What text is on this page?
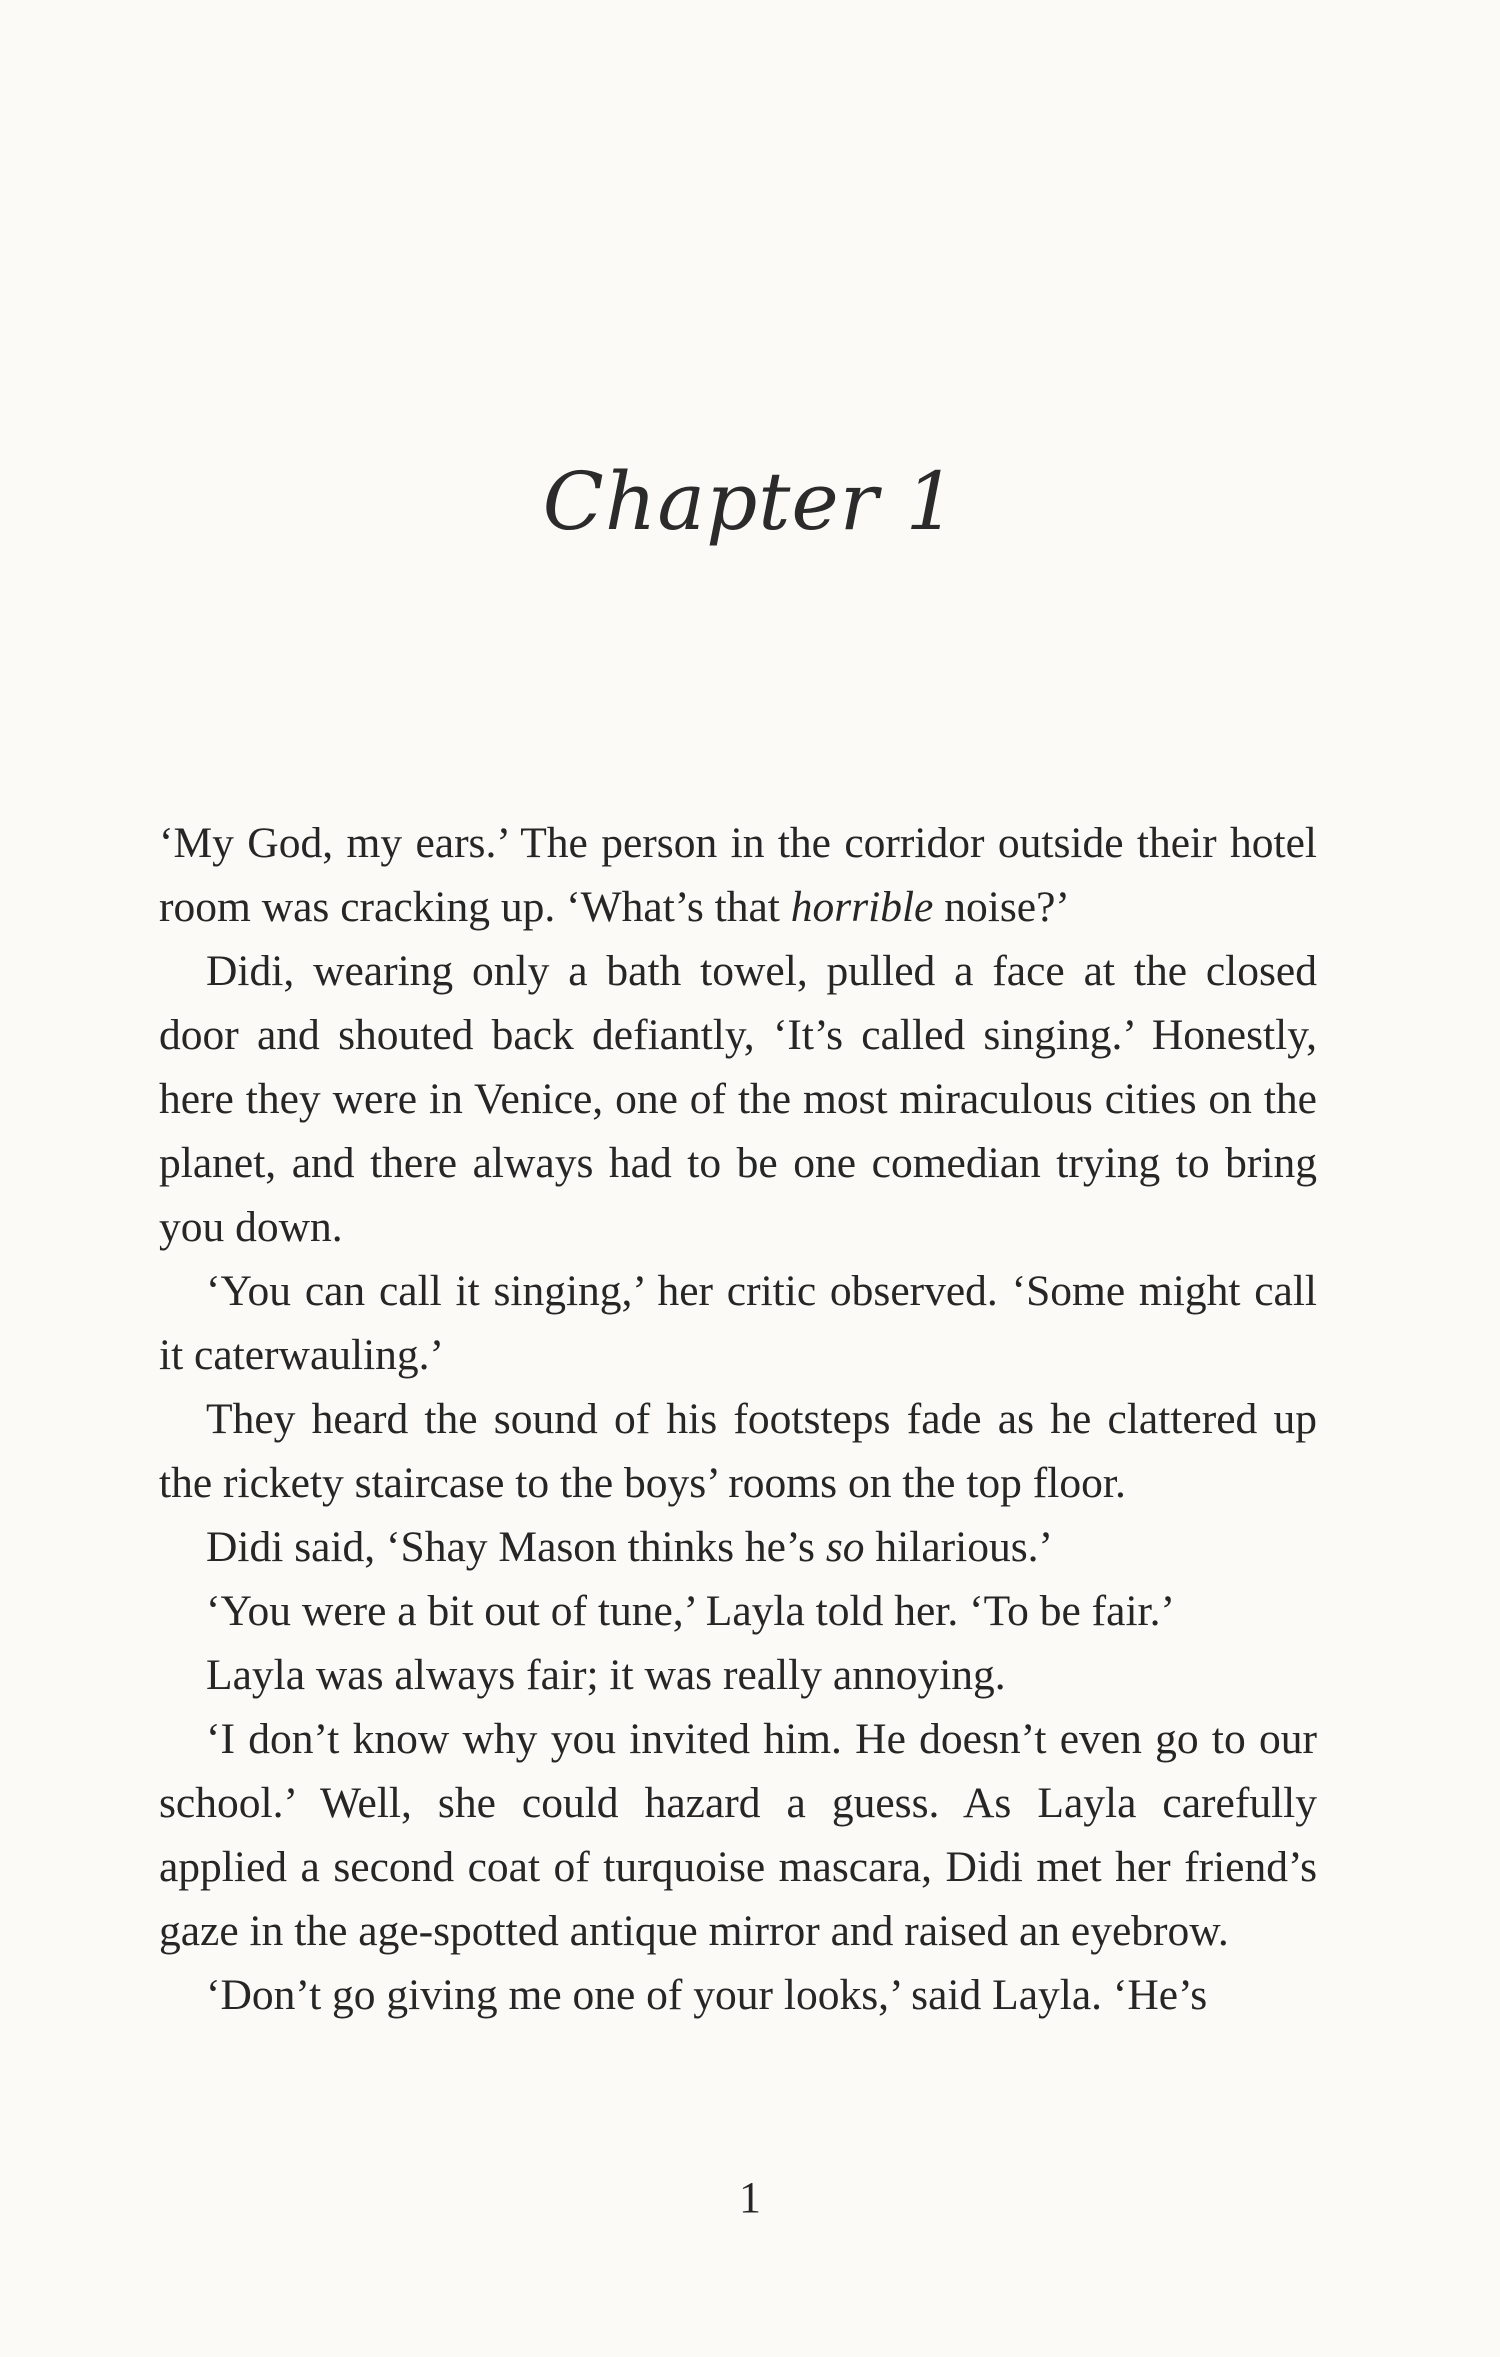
Chapter 1

‘My God, my ears.’ The person in the corridor outside their hotel room was cracking up. ‘What’s that horrible noise?’

Didi, wearing only a bath towel, pulled a face at the closed door and shouted back defiantly, ‘It’s called singing.’ Honestly, here they were in Venice, one of the most miraculous cities on the planet, and there always had to be one comedian trying to bring you down.

‘You can call it singing,’ her critic observed. ‘Some might call it caterwauling.’

They heard the sound of his footsteps fade as he clattered up the rickety staircase to the boys’ rooms on the top floor.

Didi said, ‘Shay Mason thinks he’s so hilarious.’

‘You were a bit out of tune,’ Layla told her. ‘To be fair.’

Layla was always fair; it was really annoying.

‘I don’t know why you invited him. He doesn’t even go to our school.’ Well, she could hazard a guess. As Layla carefully applied a second coat of turquoise mascara, Didi met her friend’s gaze in the age-spotted antique mirror and raised an eyebrow.

‘Don’t go giving me one of your looks,’ said Layla. ‘He’s

1
